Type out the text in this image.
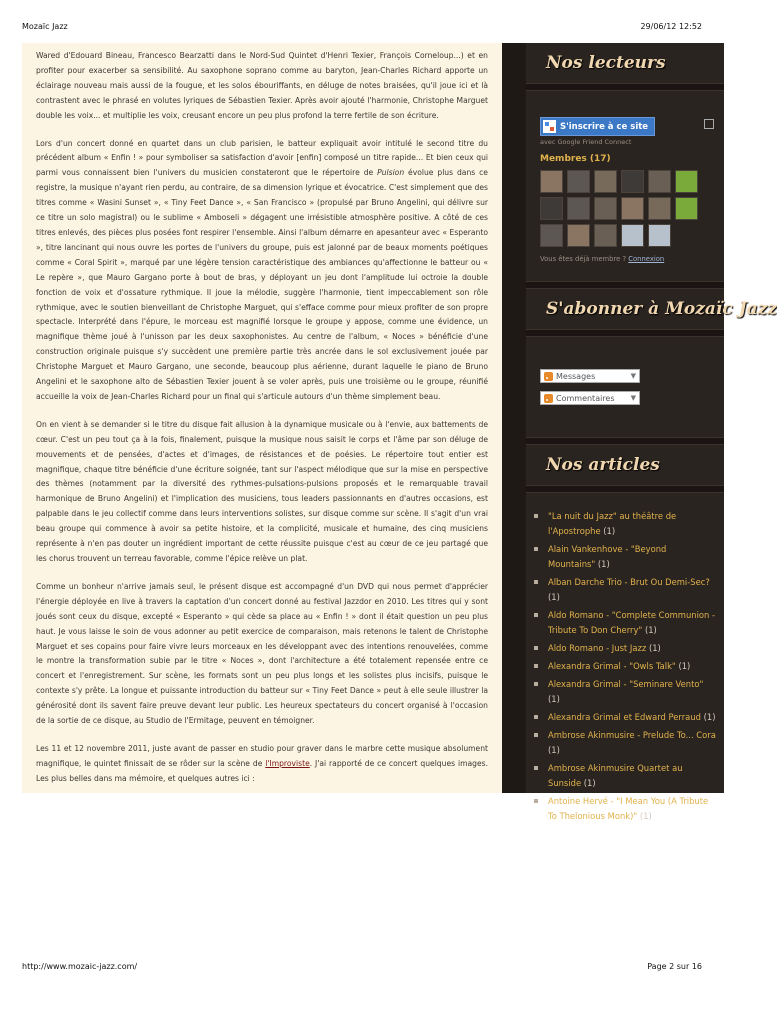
Mozaïc Jazz	29/06/12 12:52

Wared d'Edouard Bineau, Francesco Bearzatti dans le Nord-Sud Quintet d'Henri Texier, François Corneloup...) et en profiter pour exacerber sa sensibilité. Au saxophone soprano comme au baryton, Jean-Charles Richard apporte un éclairage nouveau mais aussi de la fougue, et les solos ébouriffants, en déluge de notes braisées, qu'il joue ici et là contrastent avec le phrasé en volutes lyriques de Sébastien Texier. Après avoir ajouté l'harmonie, Christophe Marguet double les voix... et multiplie les voix, creusant encore un peu plus profond la terre fertile de son écriture.

Lors d'un concert donné en quartet dans un club parisien, le batteur expliquait avoir intitulé le second titre du précédent album « Enfin ! » pour symboliser sa satisfaction d'avoir [enfin] composé un titre rapide... Et bien ceux qui parmi vous connaissent bien l'univers du musicien constateront que le répertoire de Pulsion évolue plus dans ce registre, la musique n'ayant rien perdu, au contraire, de sa dimension lyrique et évocatrice. C'est simplement que des titres comme « Wasini Sunset », « Tiny Feet Dance », « San Francisco » (propulsé par Bruno Angelini, qui délivre sur ce titre un solo magistral) ou le sublime « Amboseli » dégagent une irrésistible atmosphère positive. A côté de ces titres enlevés, des pièces plus posées font respirer l'ensemble. Ainsi l'album démarre en apesanteur avec « Esperanto », titre lancinant qui nous ouvre les portes de l'univers du groupe, puis est jalonné par de beaux moments poétiques comme « Coral Spirit », marqué par une légère tension caractéristique des ambiances qu'affectionne le batteur ou « Le repère », que Mauro Gargano porte à bout de bras, y déployant un jeu dont l'amplitude lui octroie la double fonction de voix et d'ossature rythmique. Il joue la mélodie, suggère l'harmonie, tient impeccablement son rôle rythmique, avec le soutien bienveillant de Christophe Marguet, qui s'efface comme pour mieux profiter de son propre spectacle. Interprété dans l'épure, le morceau est magnifié lorsque le groupe y appose, comme une évidence, un magnifique thème joué à l'unisson par les deux saxophonistes. Au centre de l'album, « Noces » bénéficie d'une construction originale puisque s'y succèdent une première partie très ancrée dans le sol exclusivement jouée par Christophe Marguet et Mauro Gargano, une seconde, beaucoup plus aérienne, durant laquelle le piano de Bruno Angelini et le saxophone alto de Sébastien Texier jouent à se voler après, puis une troisième ou le groupe, réunifié accueille la voix de Jean-Charles Richard pour un final qui s'articule autours d'un thème simplement beau.

On en vient à se demander si le titre du disque fait allusion à la dynamique musicale ou à l'envie, aux battements de cœur. C'est un peu tout ça à la fois, finalement, puisque la musique nous saisit le corps et l'âme par son déluge de mouvements et de pensées, d'actes et d'images, de résistances et de poésies. Le répertoire tout entier est magnifique, chaque titre bénéficie d'une écriture soignée, tant sur l'aspect mélodique que sur la mise en perspective des thèmes (notamment par la diversité des rythmes-pulsations-pulsions proposés et le remarquable travail harmonique de Bruno Angelini) et l'implication des musiciens, tous leaders passionnants en d'autres occasions, est palpable dans le jeu collectif comme dans leurs interventions solistes, sur disque comme sur scène. Il s'agit d'un vrai beau groupe qui commence à avoir sa petite histoire, et la complicité, musicale et humaine, des cinq musiciens représente à n'en pas douter un ingrédient important de cette réussite puisque c'est au cœur de ce jeu partagé que les chorus trouvent un terreau favorable, comme l'épice relève un plat.

Comme un bonheur n'arrive jamais seul, le présent disque est accompagné d'un DVD qui nous permet d'apprécier l'énergie déployée en live à travers la captation d'un concert donné au festival Jazzdor en 2010. Les titres qui y sont joués sont ceux du disque, excepté « Esperanto » qui cède sa place au « Enfin ! » dont il était question un peu plus haut. Je vous laisse le soin de vous adonner au petit exercice de comparaison, mais retenons le talent de Christophe Marguet et ses copains pour faire vivre leurs morceaux en les développant avec des intentions renouvelées, comme le montre la transformation subie par le titre « Noces », dont l'architecture a été totalement repensée entre ce concert et l'enregistrement. Sur scène, les formats sont un peu plus longs et les solistes plus incisifs, puisque le contexte s'y prête. La longue et puissante introduction du batteur sur « Tiny Feet Dance » peut à elle seule illustrer la générosité dont ils savent faire preuve devant leur public. Les heureux spectateurs du concert organisé à l'occasion de la sortie de ce disque, au Studio de l'Ermitage, peuvent en témoigner.

Les 11 et 12 novembre 2011, juste avant de passer en studio pour graver dans le marbre cette musique absolument magnifique, le quintet finissait de se rôder sur la scène de l'Improviste. J'ai rapporté de ce concert quelques images. Les plus belles dans ma mémoire, et quelques autres ici :

Nos lecteurs
S'inscrire à ce site
avec Google Friend Connect
Membres (17)
Vous êtes déjà membre ? Connexion
S'abonner à Mozaïc Jazz
Messages	▼
Commentaires	▼
Nos articles
"La nuit du Jazz" au théâtre de l'Apostrophe (1)
Alain Vankenhove - "Beyond Mountains" (1)
Alban Darche Trio - Brut Ou Demi-Sec? (1)
Aldo Romano - "Complete Communion - Tribute To Don Cherry" (1)
Aldo Romano - Just Jazz (1)
Alexandra Grimal - "Owls Talk" (1)
Alexandra Grimal - "Seminare Vento" (1)
Alexandra Grimal et Edward Perraud (1)
Ambrose Akinmusire - Prelude To... Cora (1)
Ambrose Akinmusire Quartet au Sunside (1)
Antoine Hervé - "I Mean You (A Tribute To Thelonious Monk)" (1)
http://www.mozaic-jazz.com/	Page 2 sur 16
